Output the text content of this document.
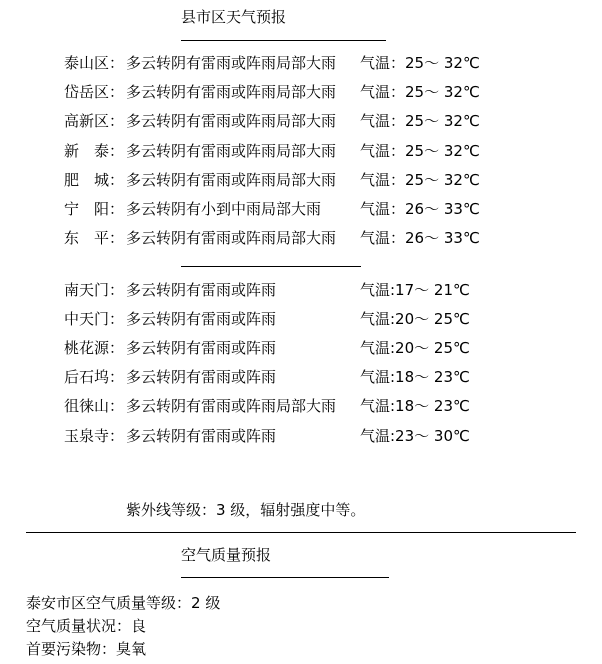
县市区天气预报
泰山区： 多云转阴有雷雨或阵雨局部大雨 气温：25～ 32℃
岱岳区： 多云转阴有雷雨或阵雨局部大雨 气温：25～ 32℃
高新区： 多云转阴有雷雨或阵雨局部大雨 气温：25～ 32℃
新　泰： 多云转阴有雷雨或阵雨局部大雨 气温：25～ 32℃
肥　城： 多云转阴有雷雨或阵雨局部大雨 气温：25～ 32℃
宁　阳： 多云转阴有小到中雨局部大雨	气温：26～ 33℃
东　平： 多云转阴有雷雨或阵雨局部大雨 气温：26～ 33℃
南天门： 多云转阴有雷雨或阵雨	气温:17～ 21℃
中天门： 多云转阴有雷雨或阵雨	气温:20～ 25℃
桃花源： 多云转阴有雷雨或阵雨	气温:20～ 25℃
后石坞： 多云转阴有雷雨或阵雨	气温:18～ 23℃
徂徕山： 多云转阴有雷雨或阵雨局部大雨 气温:18～ 23℃
玉泉寺： 多云转阴有雷雨或阵雨	气温:23～ 30℃
紫外线等级：3 级，辐射强度中等。
空气质量预报
泰安市区空气质量等级：2 级
空气质量状况：良
首要污染物：臭氧
